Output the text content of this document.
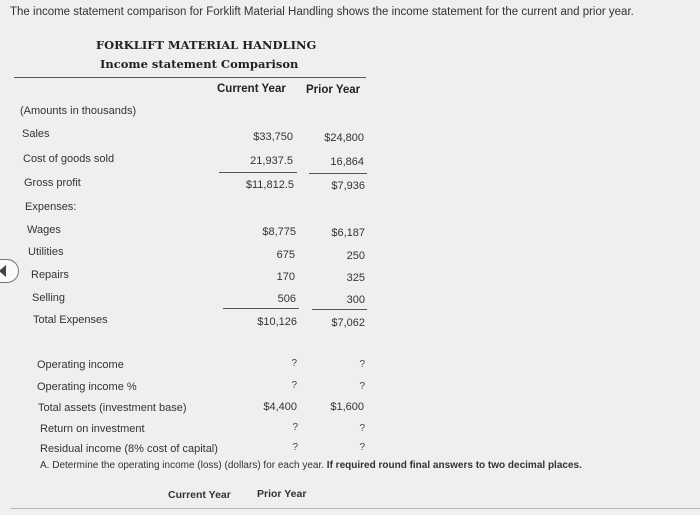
The income statement comparison for Forklift Material Handling shows the income statement for the current and prior year.
FORKLIFT MATERIAL HANDLING
Income statement Comparison
Current Year Prior Year
(Amounts in thousands)
Sales	$33,750	$24,800
Cost of goods sold	21,937.5	16,864
Gross profit	$11,812.5	$7,936
Expenses:
Wages	$8,775	$6,187
Utilities	675	250
Repairs	170	325
Selling	506	300
Total Expenses	$10,126	$7,062
Operating income	?	?
Operating income %	?	?
Total assets (investment base)	$4,400	$1,600
Return on investment	?	?
Residual income (8% cost of capital)	?	?
A. Determine the operating income (loss) (dollars) for each year. If required round final answers to two decimal places.
Current Year Prior Year
